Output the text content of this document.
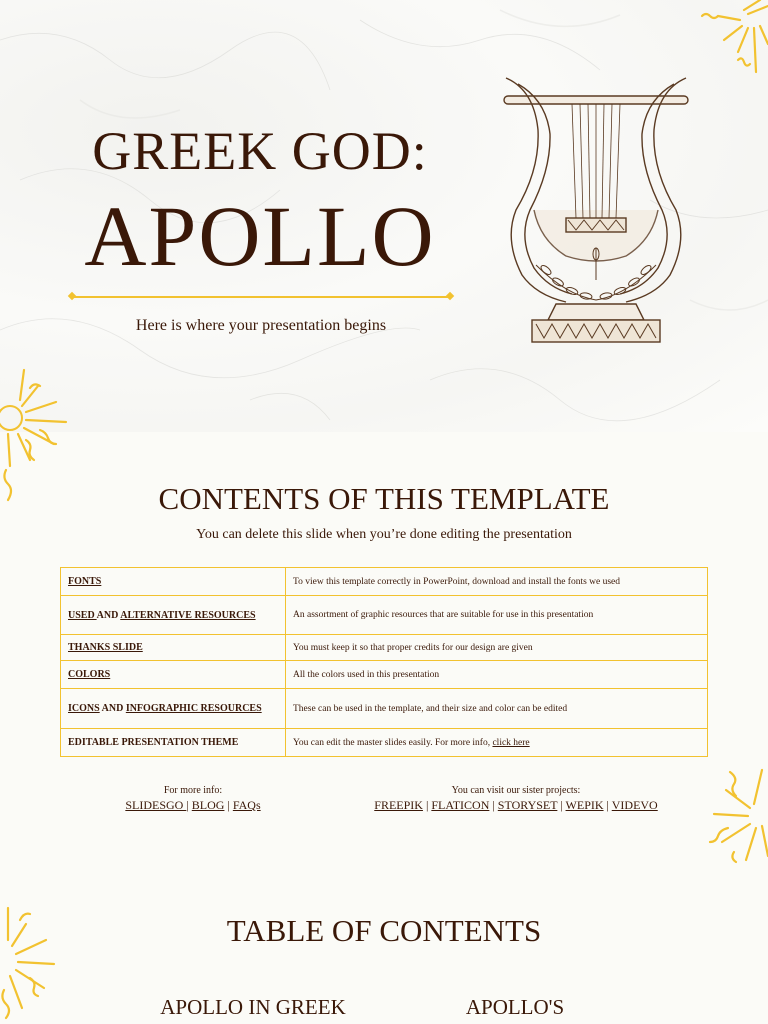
GREEK GOD:
APOLLO
Here is where your presentation begins
CONTENTS OF THIS TEMPLATE
You can delete this slide when you’re done editing the presentation
FONTS	To view this template correctly in PowerPoint, download and install the fonts we used
USED AND ALTERNATIVE RESOURCES	An assortment of graphic resources that are suitable for use in this presentation
THANKS SLIDE	You must keep it so that proper credits for our design are given
COLORS	All the colors used in this presentation
ICONS AND INFOGRAPHIC RESOURCES	These can be used in the template, and their size and color can be edited
EDITABLE PRESENTATION THEME	You can edit the master slides easily. For more info, click here
For more info:
SLIDESGO | BLOG | FAQs
You can visit our sister projects:
FREEPIK | FLATICON | STORYSET | WEPIK | VIDEVO
TABLE OF CONTENTS
APOLLO IN GREEK	APOLLO'S
